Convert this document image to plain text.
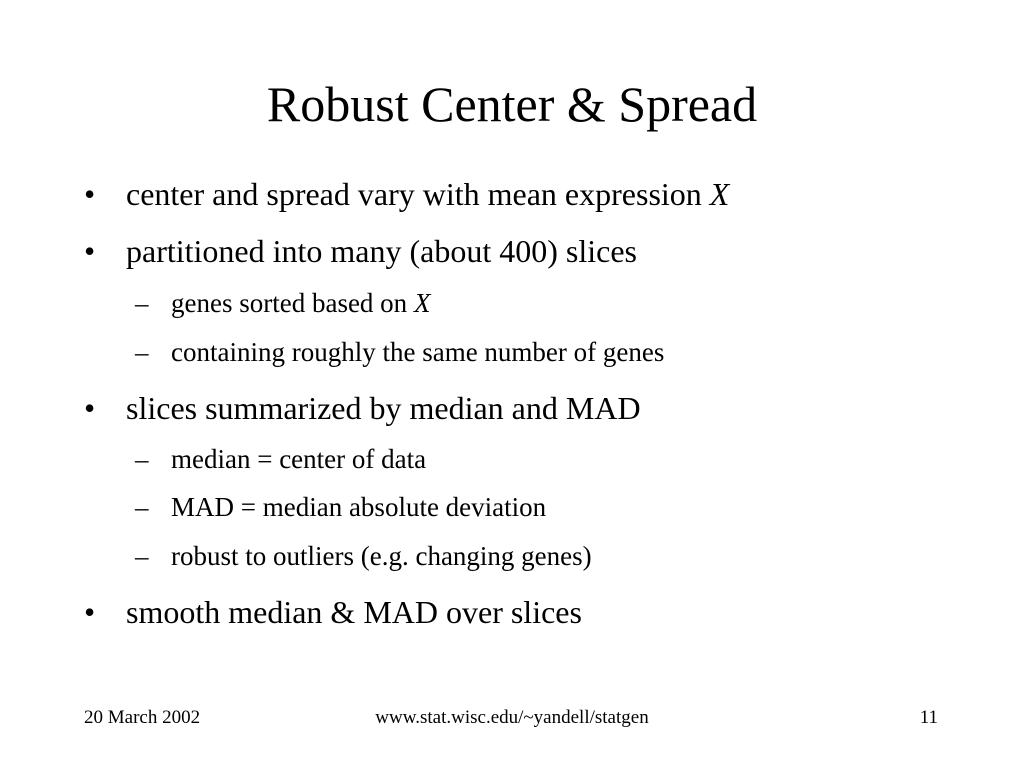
Robust Center & Spread
• center and spread vary with mean expression X
• partitioned into many (about 400) slices
– genes sorted based on X
– containing roughly the same number of genes
• slices summarized by median and MAD
– median = center of data
– MAD = median absolute deviation
– robust to outliers (e.g. changing genes)
• smooth median & MAD over slices
20 March 2002	www.stat.wisc.edu/~yandell/statgen	11
